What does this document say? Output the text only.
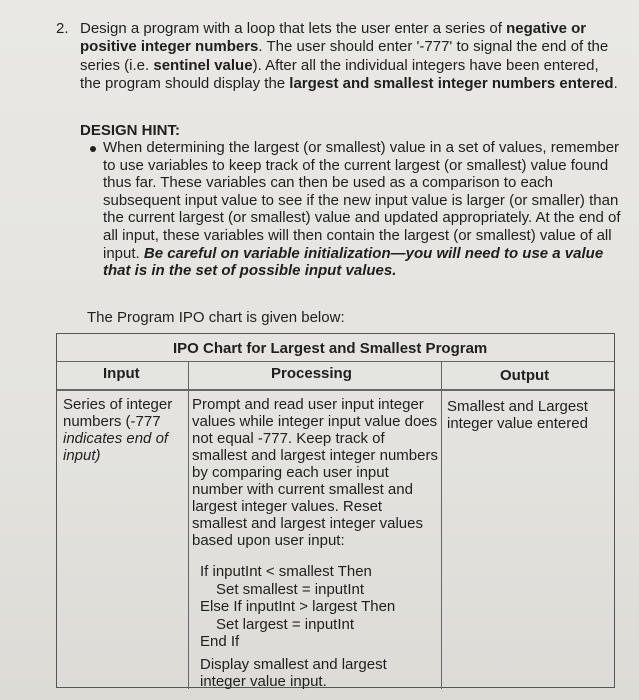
2. Design a program with a loop that lets the user enter a series of negative or positive integer numbers. The user should enter '-777' to signal the end of the series (i.e. sentinel value). After all the individual integers have been entered, the program should display the largest and smallest integer numbers entered.
DESIGN HINT:
When determining the largest (or smallest) value in a set of values, remember to use variables to keep track of the current largest (or smallest) value found thus far. These variables can then be used as a comparison to each subsequent input value to see if the new input value is larger (or smaller) than the current largest (or smallest) value and updated appropriately. At the end of all input, these variables will then contain the largest (or smallest) value of all input. Be careful on variable initialization—you will need to use a value that is in the set of possible input values.
The Program IPO chart is given below:
IPO Chart for Largest and Smallest Program
Input	Processing	Output
Series of integer numbers (-777 indicates end of input)
Prompt and read user input integer values while integer input value does not equal -777. Keep track of smallest and largest integer numbers by comparing each user input number with current smallest and largest integer values. Reset smallest and largest integer values based upon user input:
If inputInt < smallest Then
Set smallest = inputInt
Else If inputInt > largest Then
Set largest = inputInt
End If
Display smallest and largest integer value input.
Smallest and Largest integer value entered
